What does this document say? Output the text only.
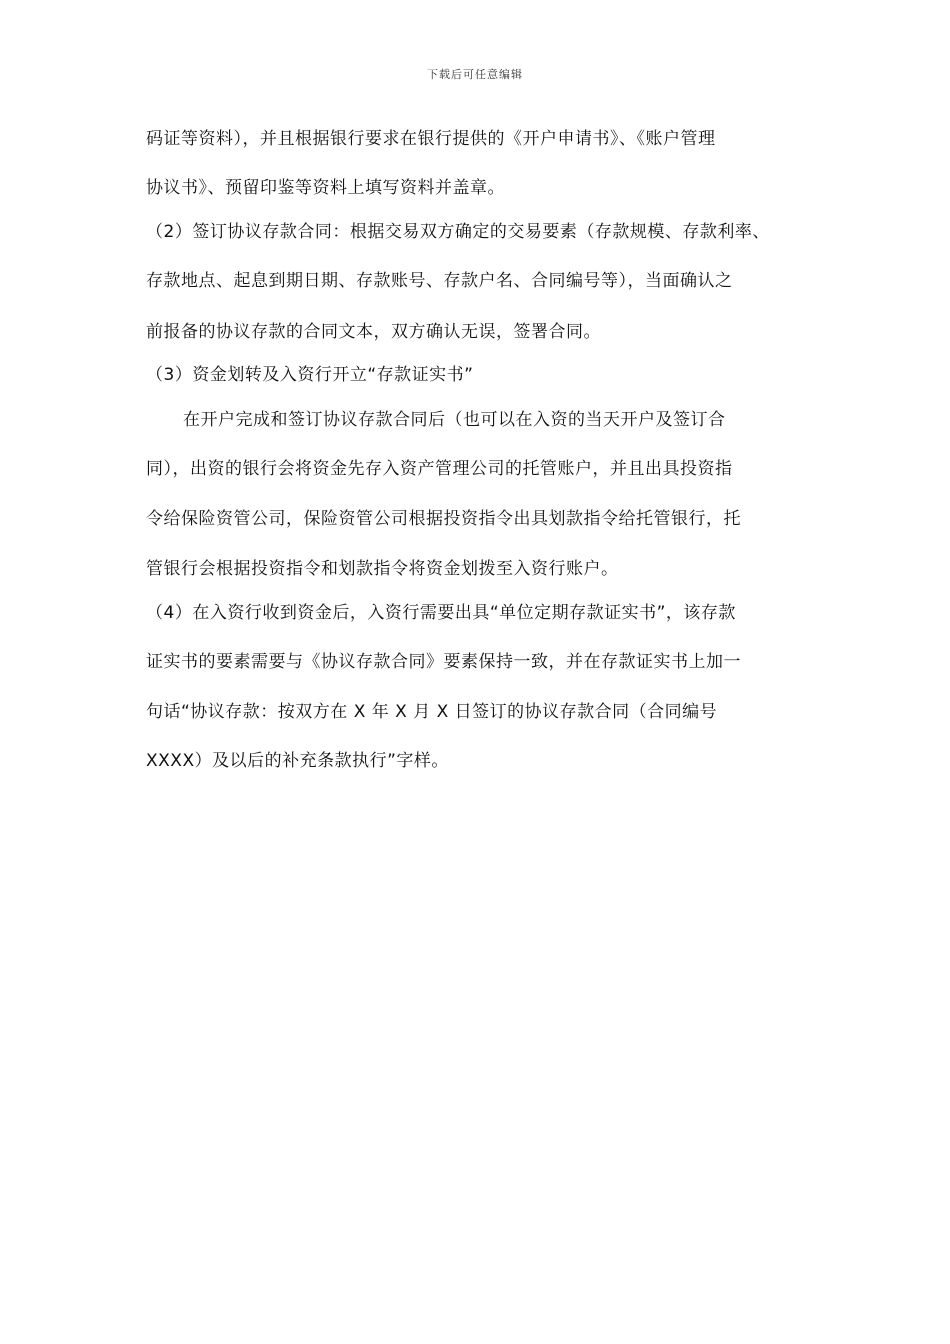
下载后可任意编辑
码证等资料），并且根据银行要求在银行提供的《开户申请书》、《账户管理
协议书》、预留印鉴等资料上填写资料并盖章。
（2）签订协议存款合同：根据交易双方确定的交易要素（存款规模、存款利率、
存款地点、起息到期日期、存款账号、存款户名、合同编号等），当面确认之
前报备的协议存款的合同文本，双方确认无误，签署合同。
（3）资金划转及入资行开立“存款证实书”
在开户完成和签订协议存款合同后（也可以在入资的当天开户及签订合
同），出资的银行会将资金先存入资产管理公司的托管账户，并且出具投资指
令给保险资管公司，保险资管公司根据投资指令出具划款指令给托管银行，托
管银行会根据投资指令和划款指令将资金划拨至入资行账户。
（4）在入资行收到资金后，入资行需要出具“单位定期存款证实书”，该存款
证实书的要素需要与《协议存款合同》要素保持一致，并在存款证实书上加一
句话“协议存款：按双方在 X 年 X 月 X 日签订的协议存款合同（合同编号
XXXX）及以后的补充条款执行”字样。
